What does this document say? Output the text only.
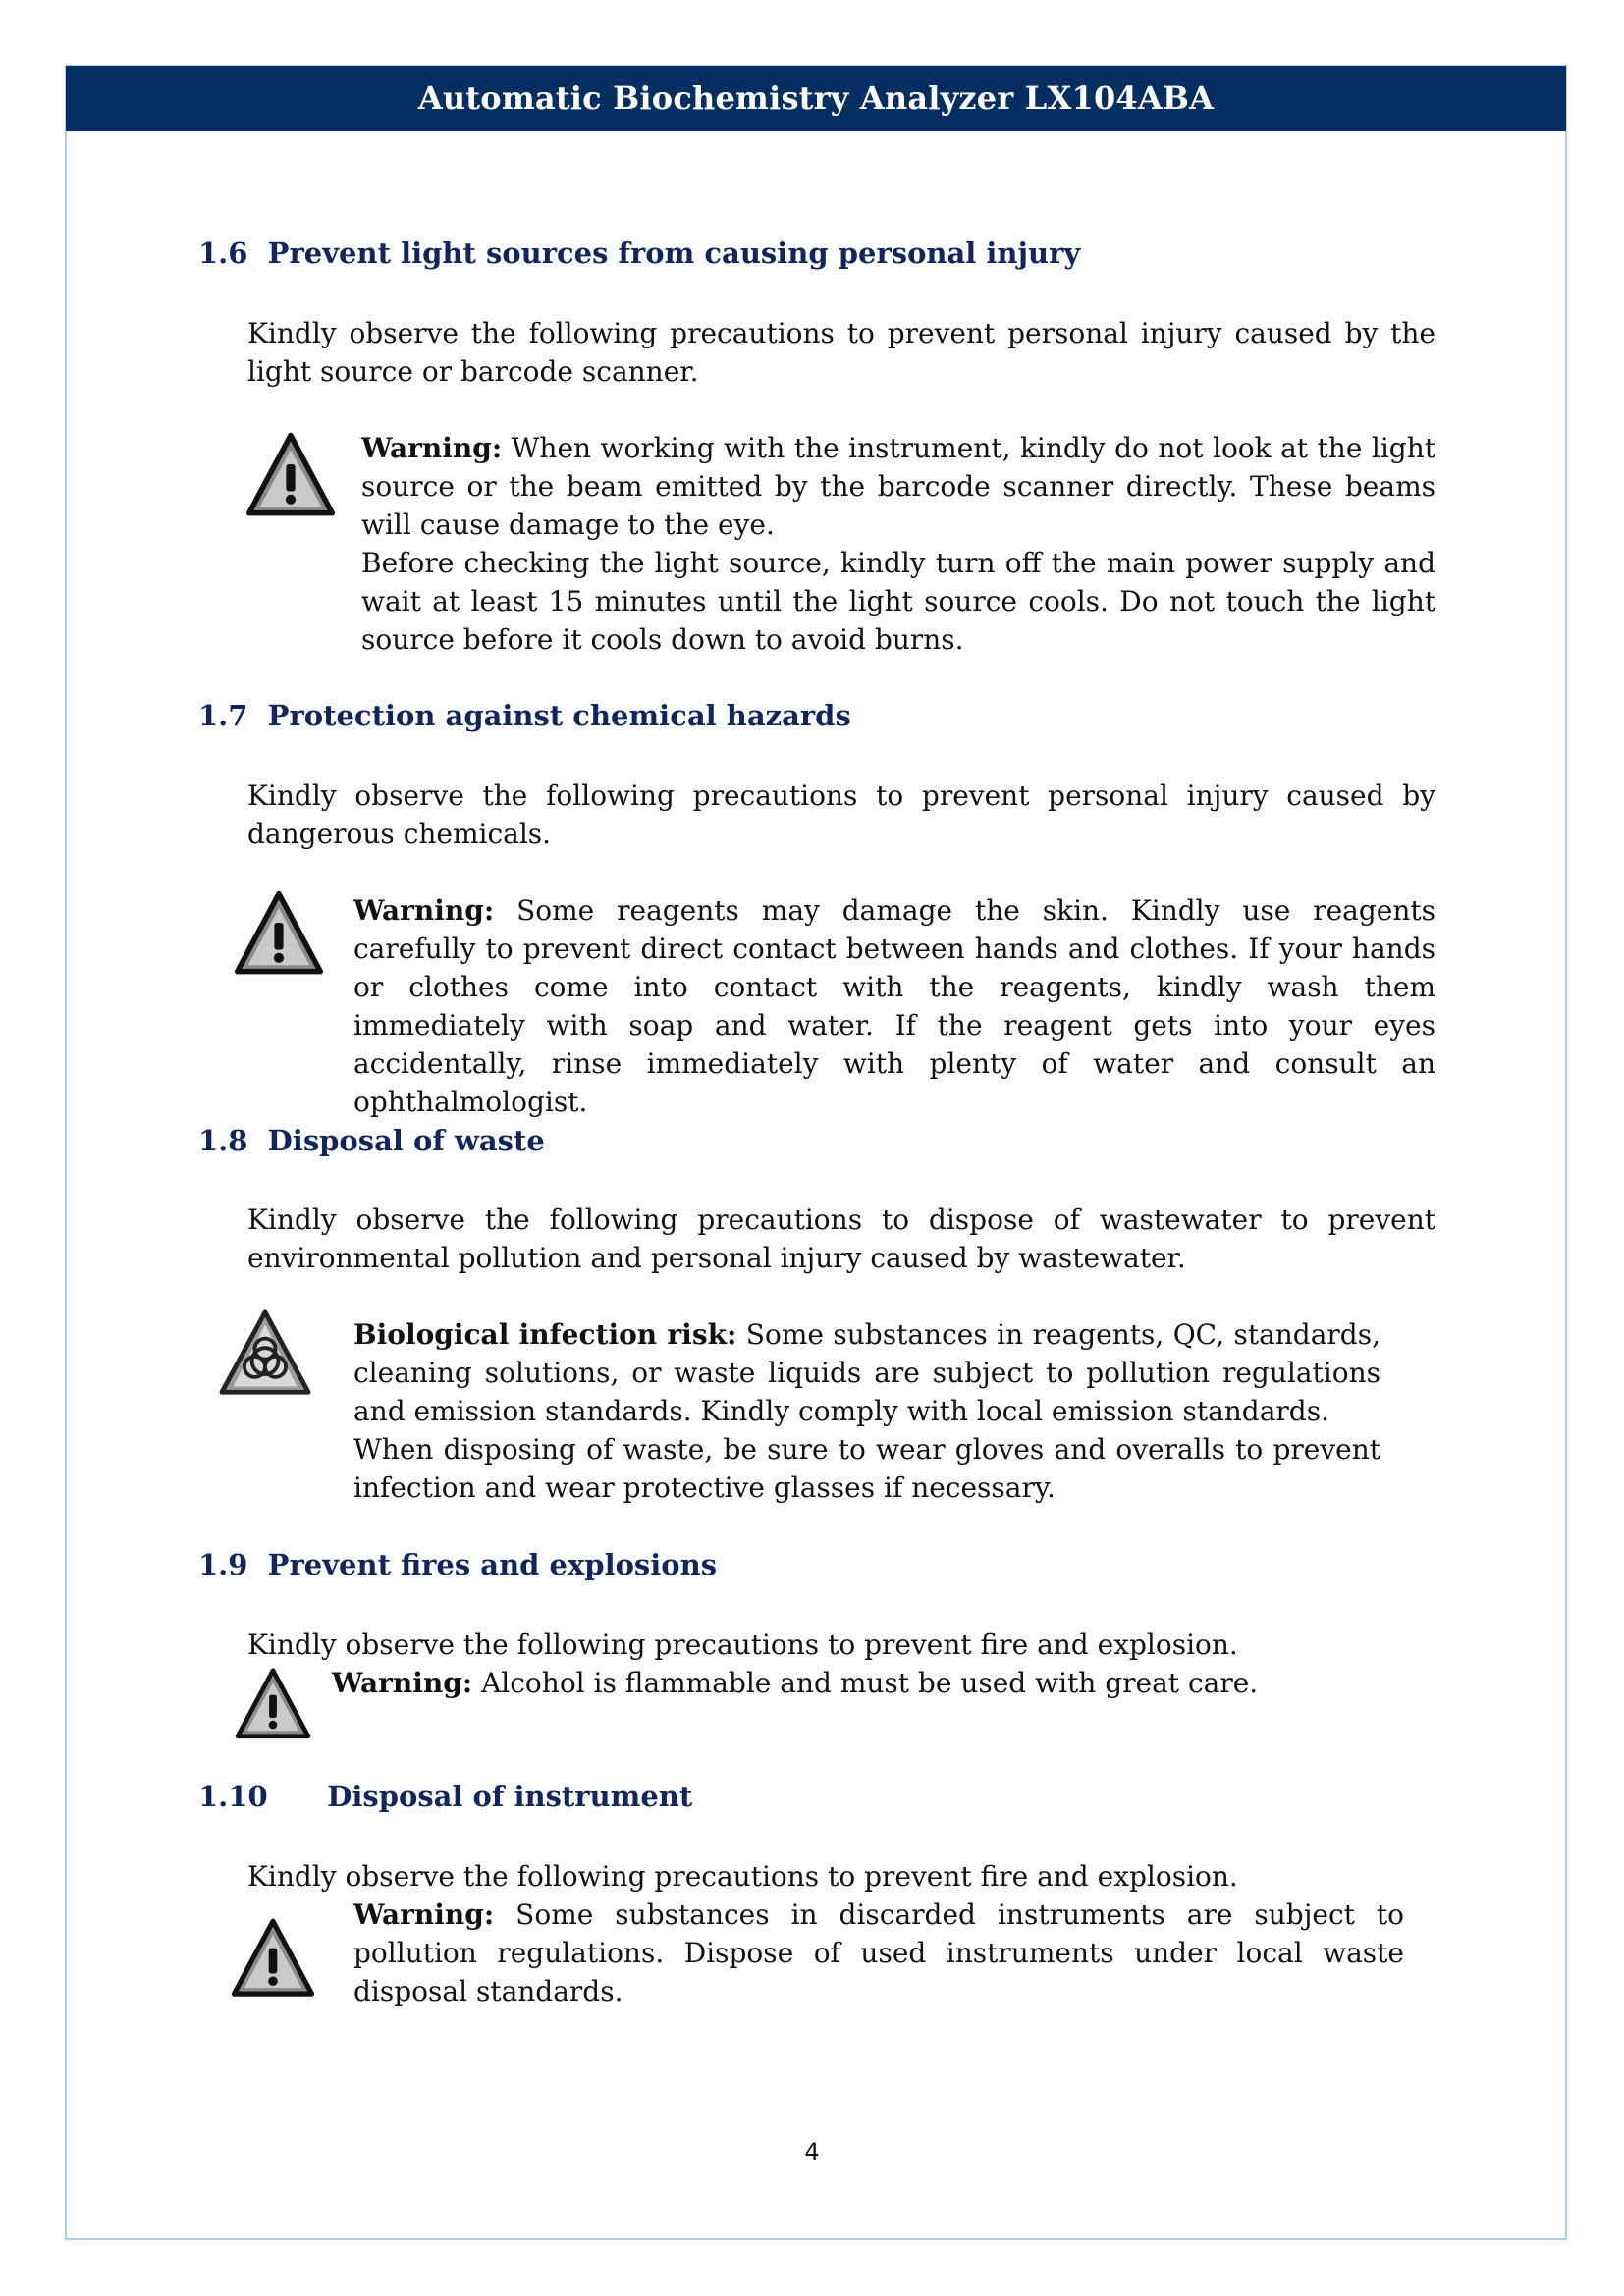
Automatic Biochemistry Analyzer LX104ABA
1.6 Prevent light sources from causing personal injury

Kindly observe the following precautions to prevent personal injury caused by the light source or barcode scanner.

Warning: When working with the instrument, kindly do not look at the light source or the beam emitted by the barcode scanner directly. These beams will cause damage to the eye.

Before checking the light source, kindly turn off the main power supply and wait at least 15 minutes until the light source cools. Do not touch the light source before it cools down to avoid burns.

1.7 Protection against chemical hazards

Kindly observe the following precautions to prevent personal injury caused by dangerous chemicals.

Warning: Some reagents may damage the skin. Kindly use reagents carefully to prevent direct contact between hands and clothes. If your hands or clothes come into contact with the reagents, kindly wash them immediately with soap and water. If the reagent gets into your eyes accidentally, rinse immediately with plenty of water and consult an ophthalmologist.

1.8 Disposal of waste

Kindly observe the following precautions to dispose of wastewater to prevent environmental pollution and personal injury caused by wastewater.

Biological infection risk: Some substances in reagents, QC, standards, cleaning solutions, or waste liquids are subject to pollution regulations and emission standards. Kindly comply with local emission standards.

When disposing of waste, be sure to wear gloves and overalls to prevent infection and wear protective glasses if necessary.

1.9 Prevent fires and explosions

Kindly observe the following precautions to prevent fire and explosion.

Warning: Alcohol is flammable and must be used with great care.

1.10 Disposal of instrument

Kindly observe the following precautions to prevent fire and explosion.

Warning: Some substances in discarded instruments are subject to pollution regulations. Dispose of used instruments under local waste disposal standards.

4
